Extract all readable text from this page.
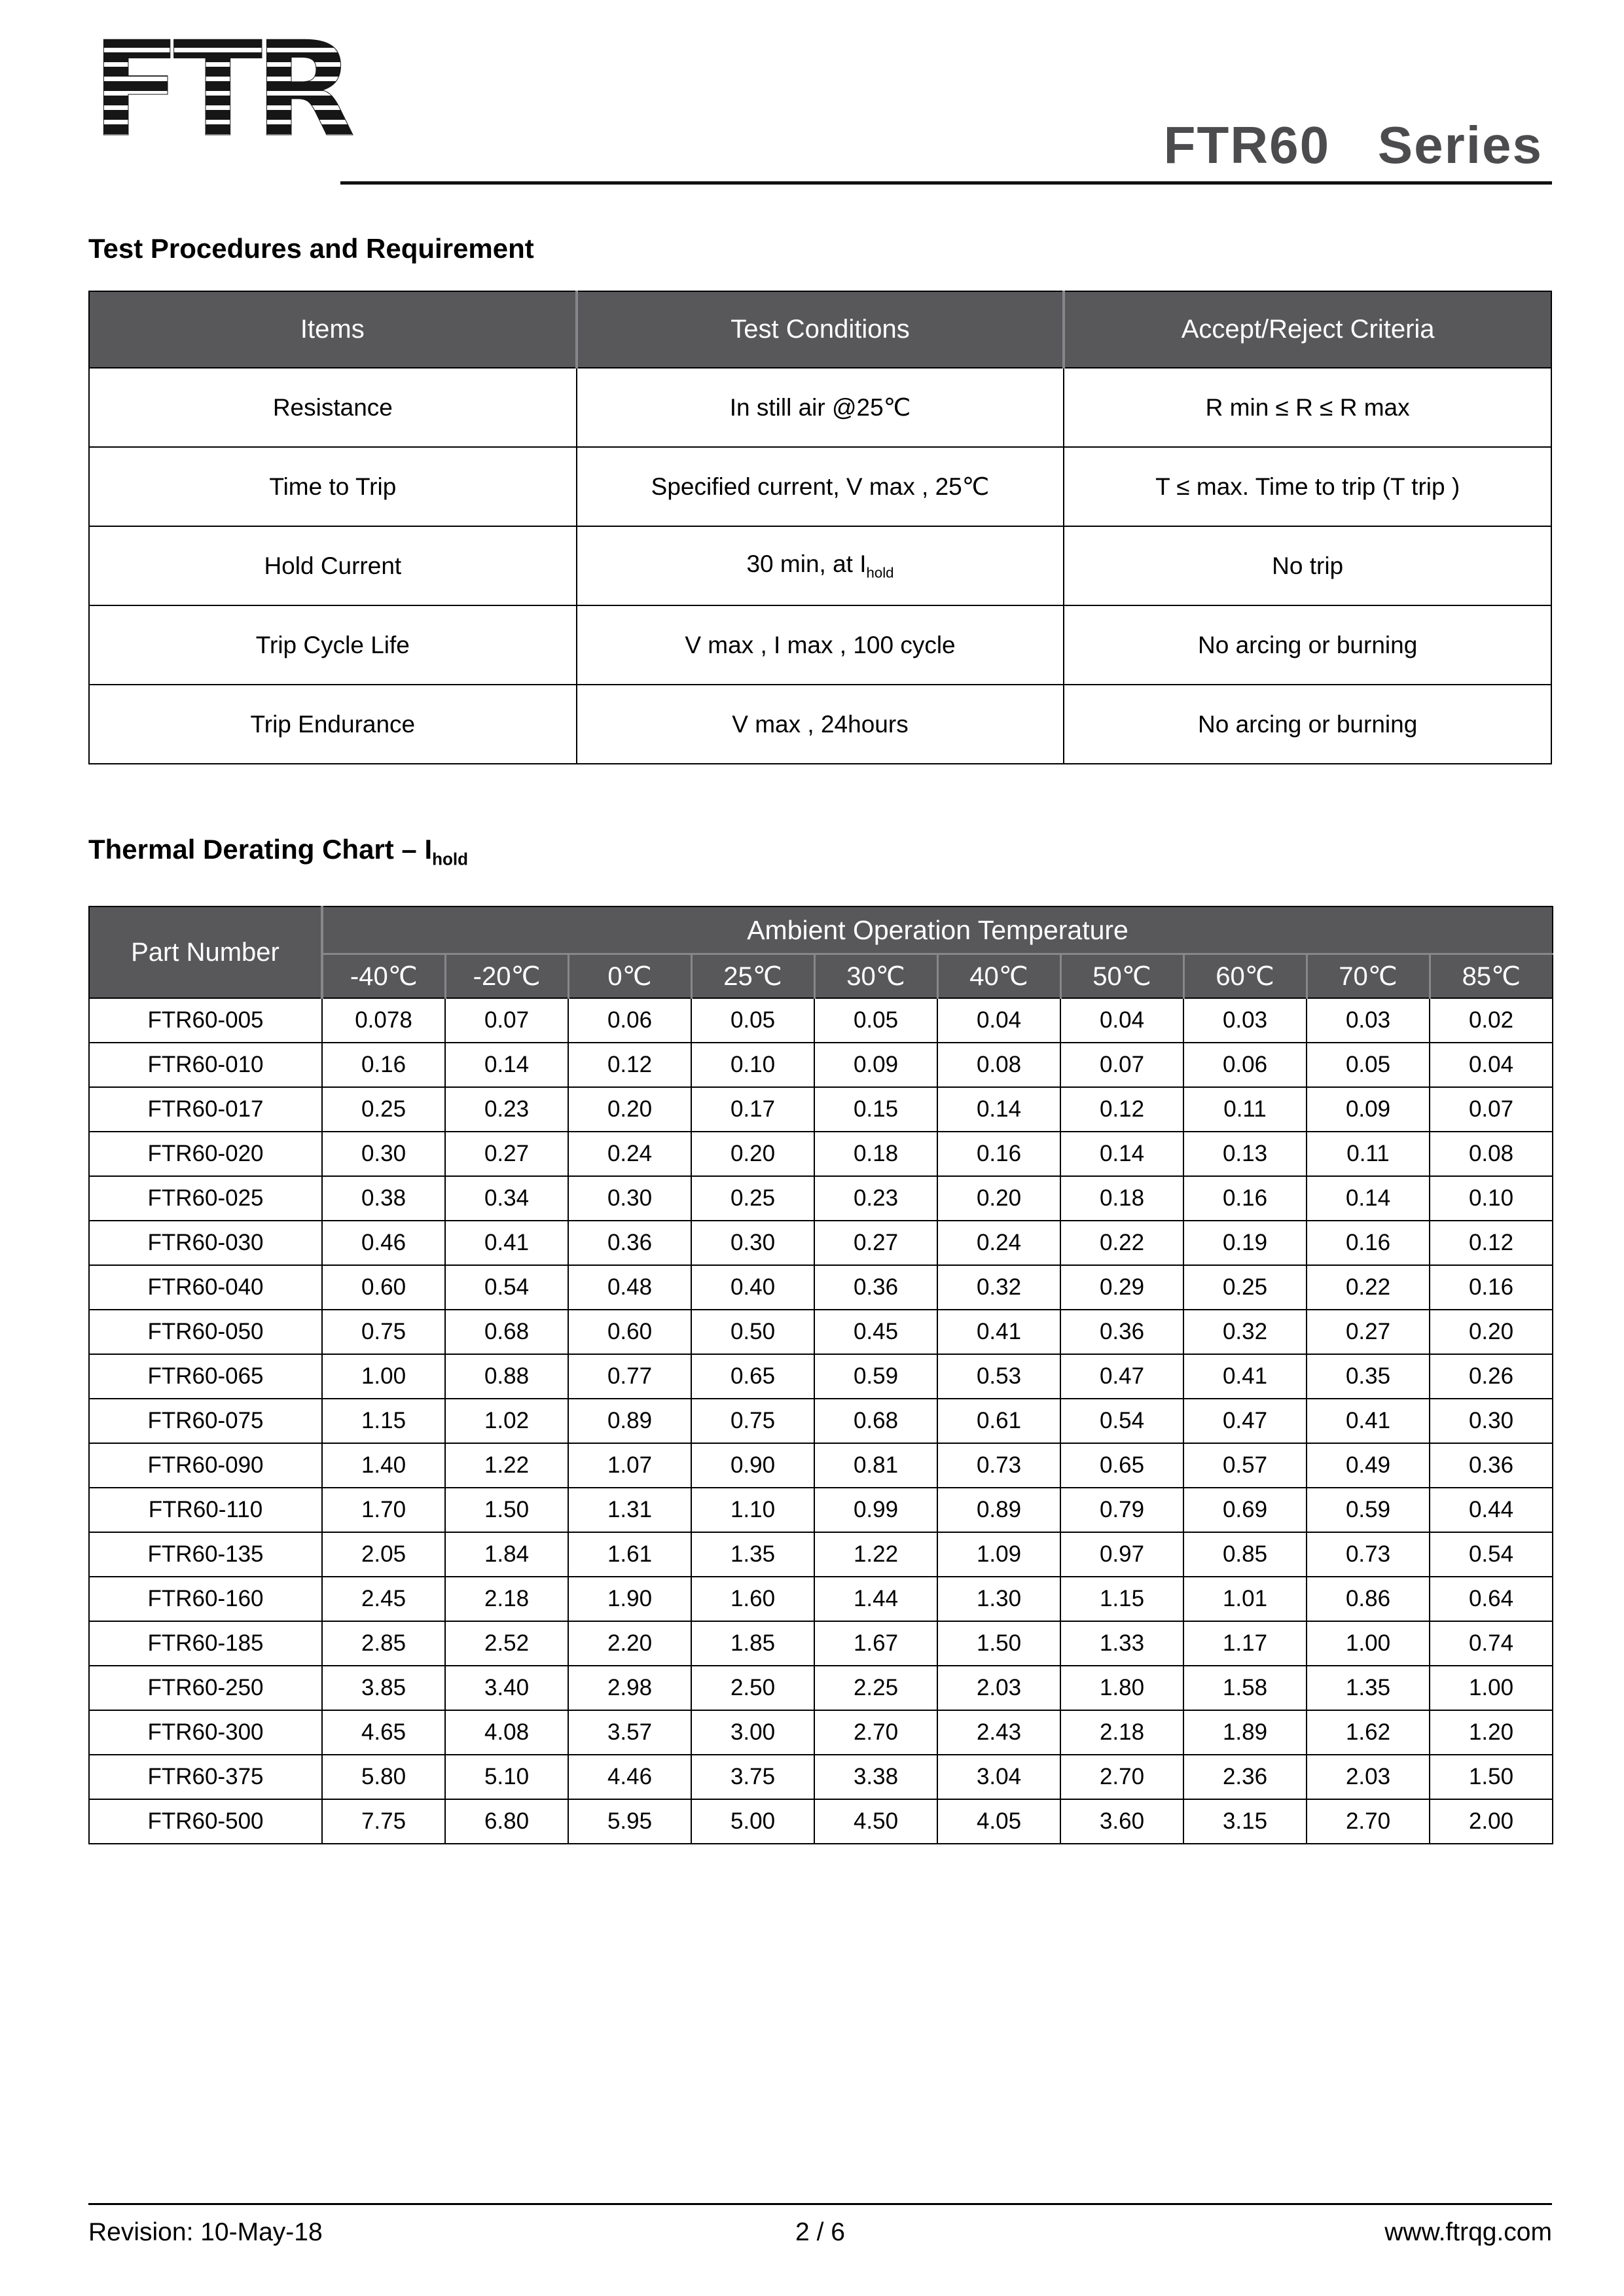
FTR	FTR60   Series
Test Procedures and Requirement
Items	Test Conditions	Accept/Reject Criteria
Resistance	In still air @25℃	R min ≤ R ≤ R max
Time to Trip	Specified current, V max , 25℃	T ≤ max. Time to trip (T trip )
Hold Current	30 min, at $I_{hold}$	No trip
Trip Cycle Life	V max , I max , 100 cycle	No arcing or burning
Trip Endurance	V max , 24hours	No arcing or burning
Thermal Derating Chart – $I_{hold}$
Part Number	Ambient Operation Temperature									
	-40℃	-20℃	0℃	25℃	30℃	40℃	50℃	60℃	70℃	85℃
FTR60-005	0.078	0.07	0.06	0.05	0.05	0.04	0.04	0.03	0.03	0.02
FTR60-010	0.16	0.14	0.12	0.10	0.09	0.08	0.07	0.06	0.05	0.04
FTR60-017	0.25	0.23	0.20	0.17	0.15	0.14	0.12	0.11	0.09	0.07
FTR60-020	0.30	0.27	0.24	0.20	0.18	0.16	0.14	0.13	0.11	0.08
FTR60-025	0.38	0.34	0.30	0.25	0.23	0.20	0.18	0.16	0.14	0.10
FTR60-030	0.46	0.41	0.36	0.30	0.27	0.24	0.22	0.19	0.16	0.12
FTR60-040	0.60	0.54	0.48	0.40	0.36	0.32	0.29	0.25	0.22	0.16
FTR60-050	0.75	0.68	0.60	0.50	0.45	0.41	0.36	0.32	0.27	0.20
FTR60-065	1.00	0.88	0.77	0.65	0.59	0.53	0.47	0.41	0.35	0.26
FTR60-075	1.15	1.02	0.89	0.75	0.68	0.61	0.54	0.47	0.41	0.30
FTR60-090	1.40	1.22	1.07	0.90	0.81	0.73	0.65	0.57	0.49	0.36
FTR60-110	1.70	1.50	1.31	1.10	0.99	0.89	0.79	0.69	0.59	0.44
FTR60-135	2.05	1.84	1.61	1.35	1.22	1.09	0.97	0.85	0.73	0.54
FTR60-160	2.45	2.18	1.90	1.60	1.44	1.30	1.15	1.01	0.86	0.64
FTR60-185	2.85	2.52	2.20	1.85	1.67	1.50	1.33	1.17	1.00	0.74
FTR60-250	3.85	3.40	2.98	2.50	2.25	2.03	1.80	1.58	1.35	1.00
FTR60-300	4.65	4.08	3.57	3.00	2.70	2.43	2.18	1.89	1.62	1.20
FTR60-375	5.80	5.10	4.46	3.75	3.38	3.04	2.70	2.36	2.03	1.50
FTR60-500	7.75	6.80	5.95	5.00	4.50	4.05	3.60	3.15	2.70	2.00
Revision: 10-May-18	2 / 6	www.ftrqg.com
